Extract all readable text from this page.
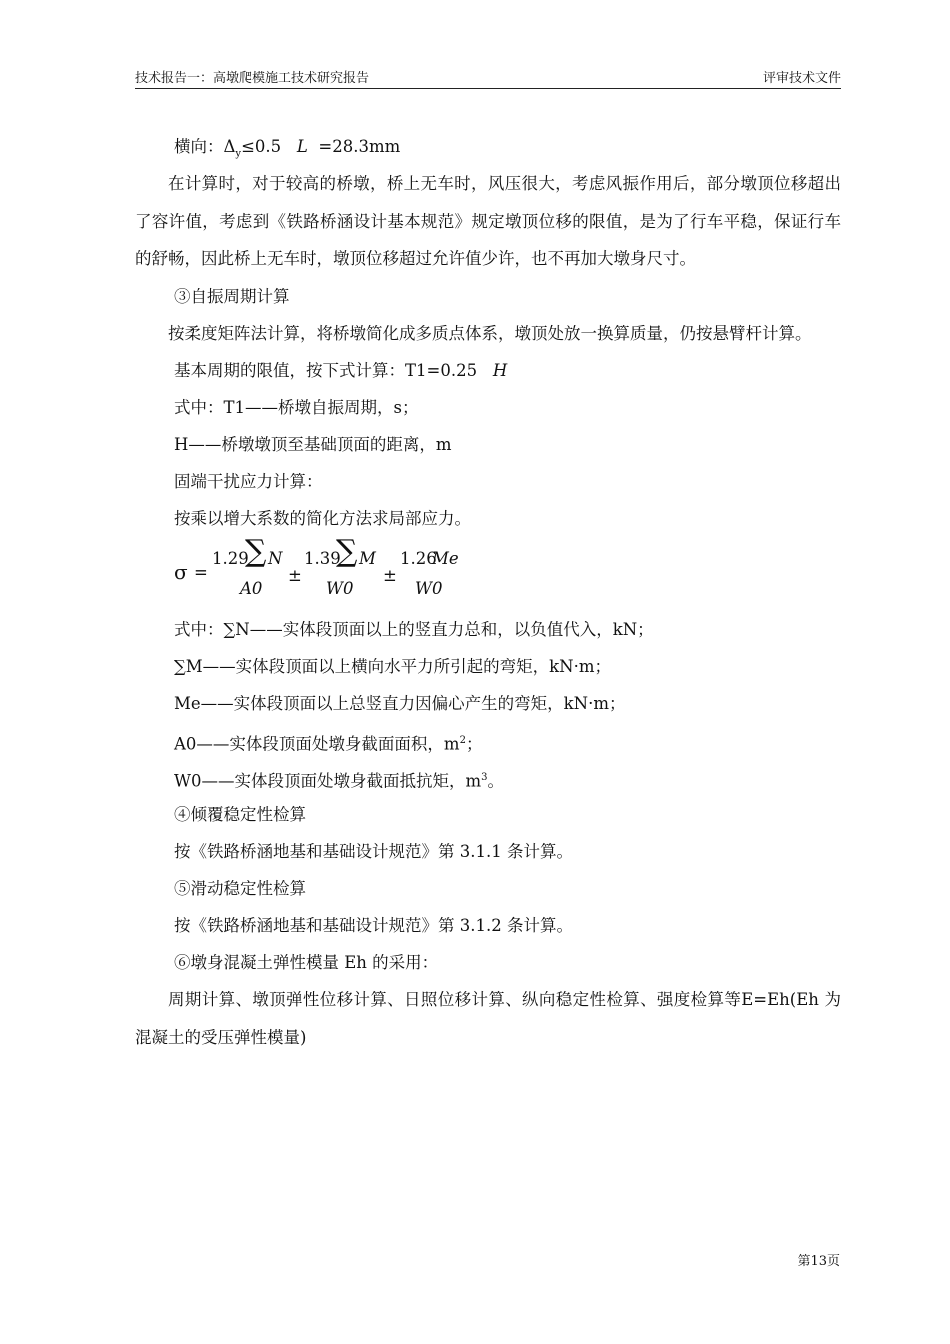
技术报告一：高墩爬模施工技术研究报告	评审技术文件

横向：$\Delta_y\le 0.5$ L =28.3mm

在计算时，对于较高的桥墩，桥上无车时，风压很大，考虑风振作用后，部分墩顶位移超出了容许值，考虑到《铁路桥涵设计基本规范》规定墩顶位移的限值，是为了行车平稳，保证行车的舒畅，因此桥上无车时，墩顶位移超过允许值少许，也不再加大墩身尺寸。

③自振周期计算

按柔度矩阵法计算，将桥墩简化成多质点体系，墩顶处放一换算质量，仍按悬臂杆计算。

基本周期的限值，按下式计算：T1=0.25 H

式中：T1——桥墩自振周期，s；

H——桥墩墩顶至基础顶面的距离，m

固端干扰应力计算：

按乘以增大系数的简化方法求局部应力。

σ =
1.29
∑ N
A0
±
1.39
∑ M
W0
±
1.26
Me
W0

式中：∑N——实体段顶面以上的竖直力总和，以负值代入，kN；

∑M——实体段顶面以上横向水平力所引起的弯矩，kN·m；

Me——实体段顶面以上总竖直力因偏心产生的弯矩，kN·m；

A0——实体段顶面处墩身截面面积，$m^2$；

W0——实体段顶面处墩身截面抵抗矩，$m^3$。

④倾覆稳定性检算

按《铁路桥涵地基和基础设计规范》第 3.1.1 条计算。

⑤滑动稳定性检算

按《铁路桥涵地基和基础设计规范》第 3.1.2 条计算。

⑥墩身混凝土弹性模量 Eh 的采用：

周期计算、墩顶弹性位移计算、日照位移计算、纵向稳定性检算、强度检算等E=Eh(Eh 为混凝土的受压弹性模量)

第13页
